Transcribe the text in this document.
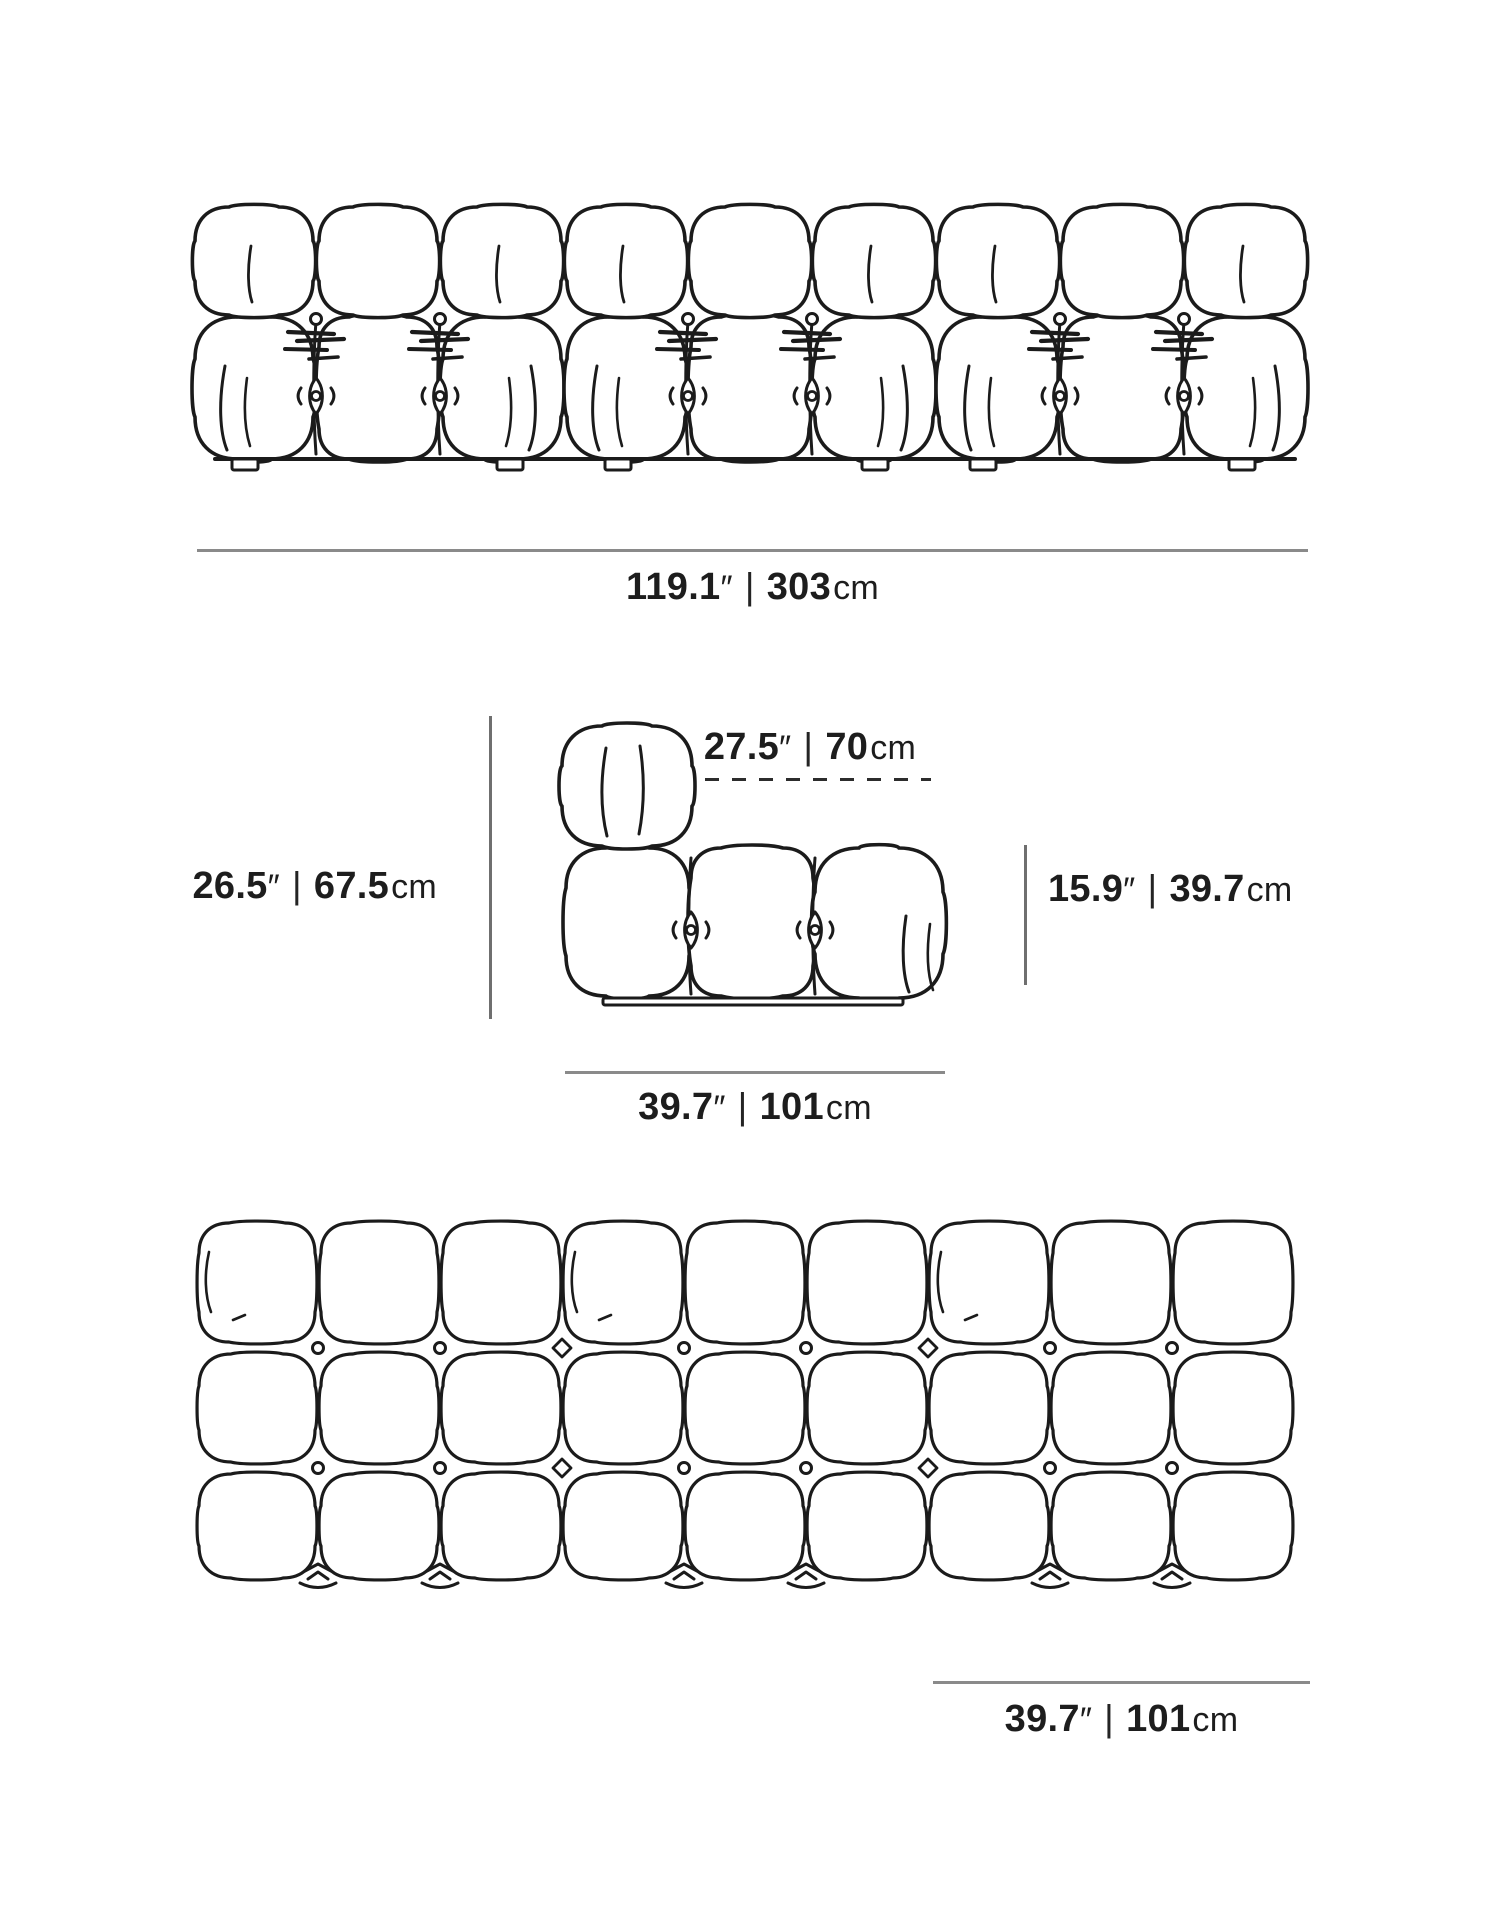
119.1″ | 303cm
27.5″ | 70cm
26.5″ | 67.5cm	15.9″ | 39.7cm
39.7″ | 101cm
39.7″ | 101cm
